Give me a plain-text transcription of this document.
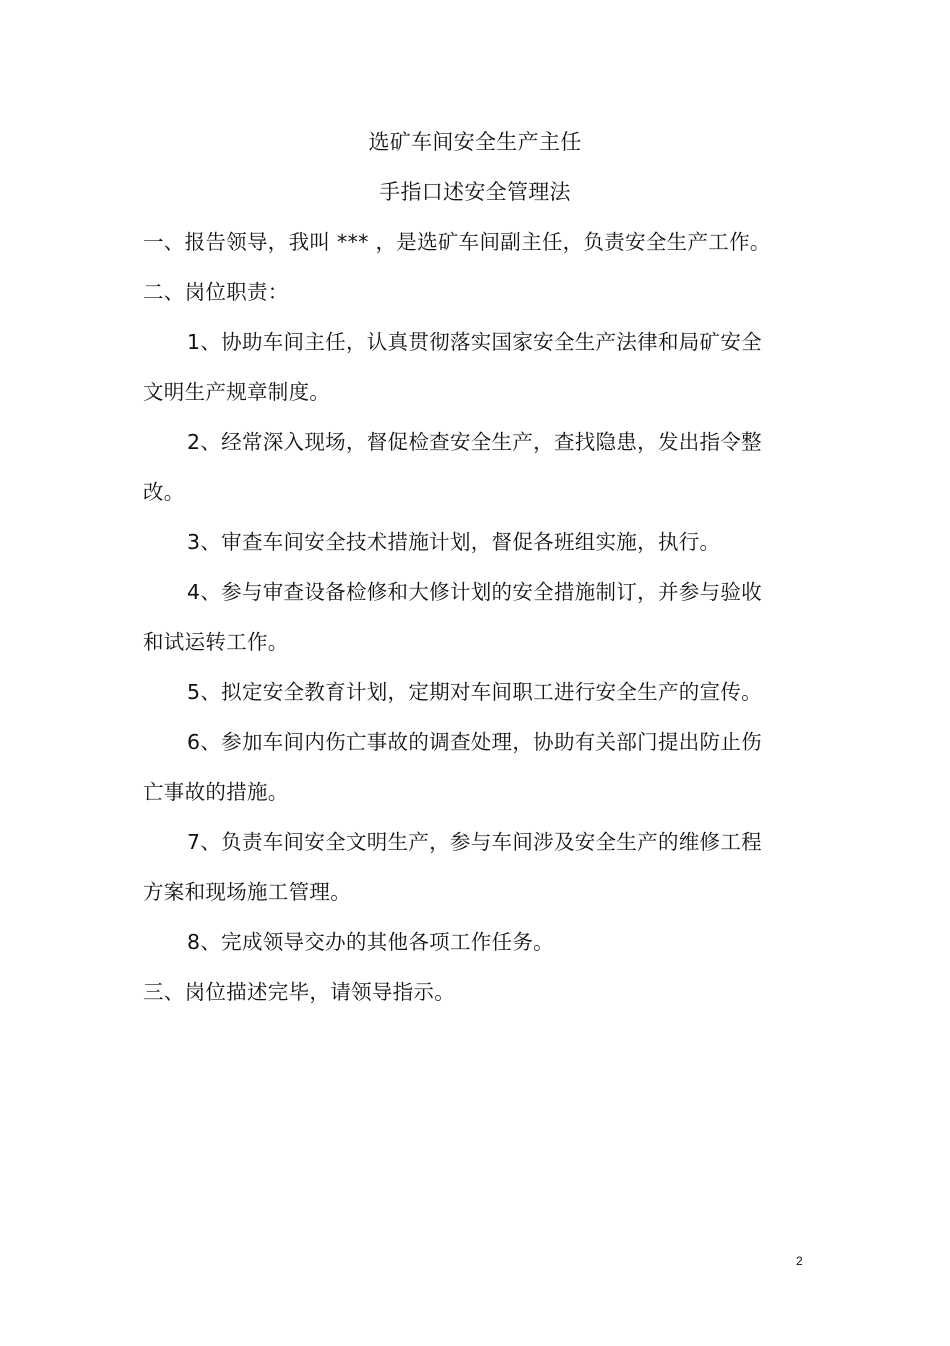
选矿车间安全生产主任
手指口述安全管理法
一、报告领导，我叫 *** ，是选矿车间副主任，负责安全生产工作。
二、岗位职责：
1、协助车间主任，认真贯彻落实国家安全生产法律和局矿安全
文明生产规章制度。
2、经常深入现场，督促检查安全生产，查找隐患，发出指令整
改。
3、审查车间安全技术措施计划，督促各班组实施，执行。
4、参与审查设备检修和大修计划的安全措施制订，并参与验收
和试运转工作。
5、拟定安全教育计划，定期对车间职工进行安全生产的宣传。
6、参加车间内伤亡事故的调查处理，协助有关部门提出防止伤
亡事故的措施。
7、负责车间安全文明生产，参与车间涉及安全生产的维修工程
方案和现场施工管理。
8、完成领导交办的其他各项工作任务。
三、岗位描述完毕，请领导指示。
2
